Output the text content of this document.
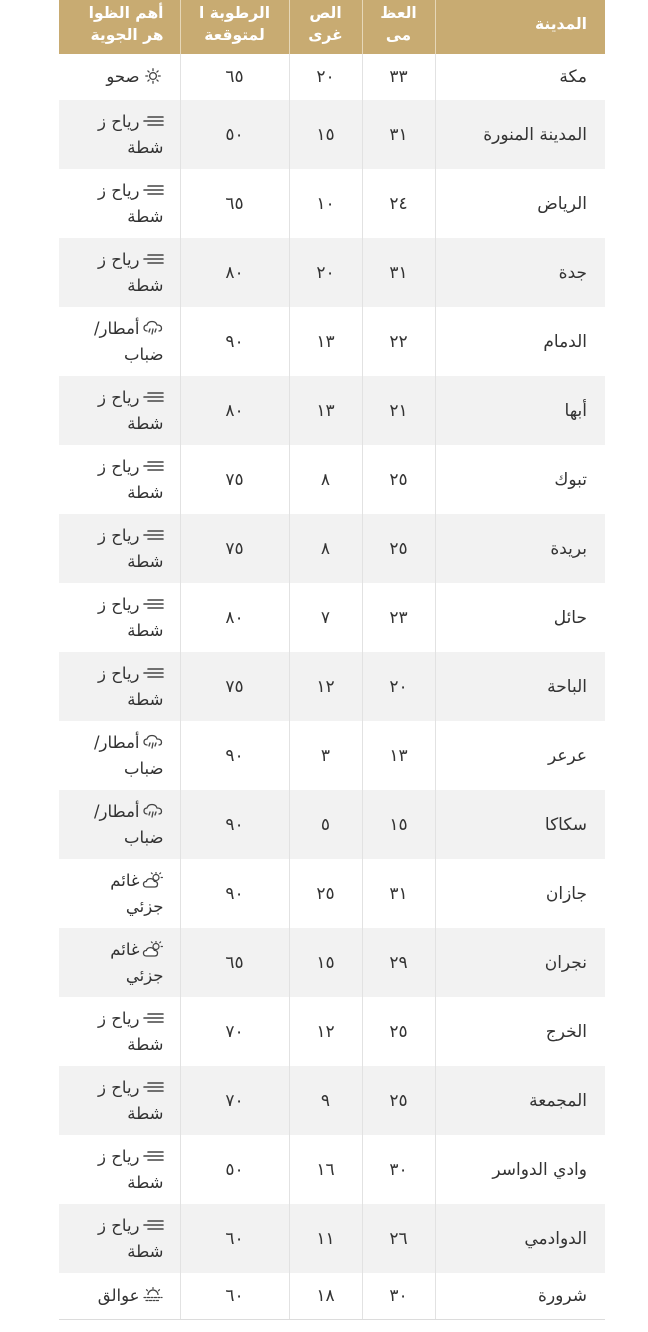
المدينة	العظ مى	الص غرى	الرطوبة ا لمتوقعة	أهم الظوا هر الجوية
مكة	٣٣	٢٠	٦٥	صحو
المدينة المنورة	٣١	١٥	٥٠	رياح ز شطة
الرياض	٢٤	١٠	٦٥	رياح ز شطة
جدة	٣١	٢٠	٨٠	رياح ز شطة
الدمام	٢٢	١٣	٩٠	أمطار/ ضباب
أبها	٢١	١٣	٨٠	رياح ز شطة
تبوك	٢٥	٨	٧٥	رياح ز شطة
بريدة	٢٥	٨	٧٥	رياح ز شطة
حائل	٢٣	٧	٨٠	رياح ز شطة
الباحة	٢٠	١٢	٧٥	رياح ز شطة
عرعر	١٣	٣	٩٠	أمطار/ ضباب
سكاكا	١٥	٥	٩٠	أمطار/ ضباب
جازان	٣١	٢٥	٩٠	غائم جزئي
نجران	٢٩	١٥	٦٥	غائم جزئي
الخرج	٢٥	١٢	٧٠	رياح ز شطة
المجمعة	٢٥	٩	٧٠	رياح ز شطة
وادي الدواسر	٣٠	١٦	٥٠	رياح ز شطة
الدوادمي	٢٦	١١	٦٠	رياح ز شطة
شرورة	٣٠	١٨	٦٠	عوالق
